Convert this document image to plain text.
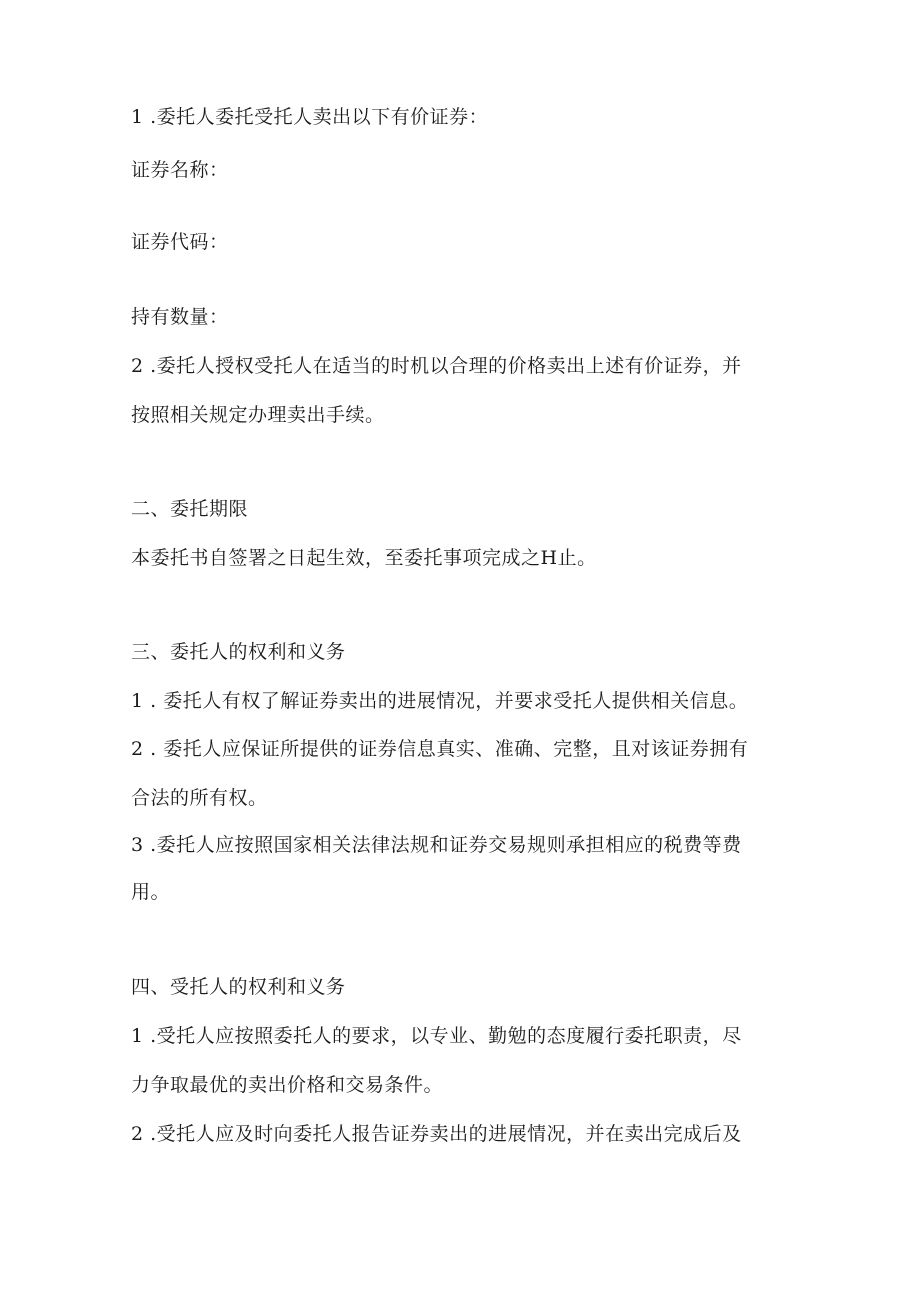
1 .委托人委托受托人卖出以下有价证券：
证券名称：
证券代码：
持有数量：
2 .委托人授权受托人在适当的时机以合理的价格卖出上述有价证券，并
按照相关规定办理卖出手续。
二、委托期限
本委托书自签署之日起生效，至委托事项完成之H止。
三、委托人的权利和义务
1 . 委托人有权了解证券卖出的进展情况，并要求受托人提供相关信息。
2 . 委托人应保证所提供的证券信息真实、准确、完整，且对该证券拥有
合法的所有权。
3 .委托人应按照国家相关法律法规和证券交易规则承担相应的税费等费
用。
四、受托人的权利和义务
1 .受托人应按照委托人的要求，以专业、勤勉的态度履行委托职责，尽
力争取最优的卖出价格和交易条件。
2 .受托人应及时向委托人报告证券卖出的进展情况，并在卖出完成后及
